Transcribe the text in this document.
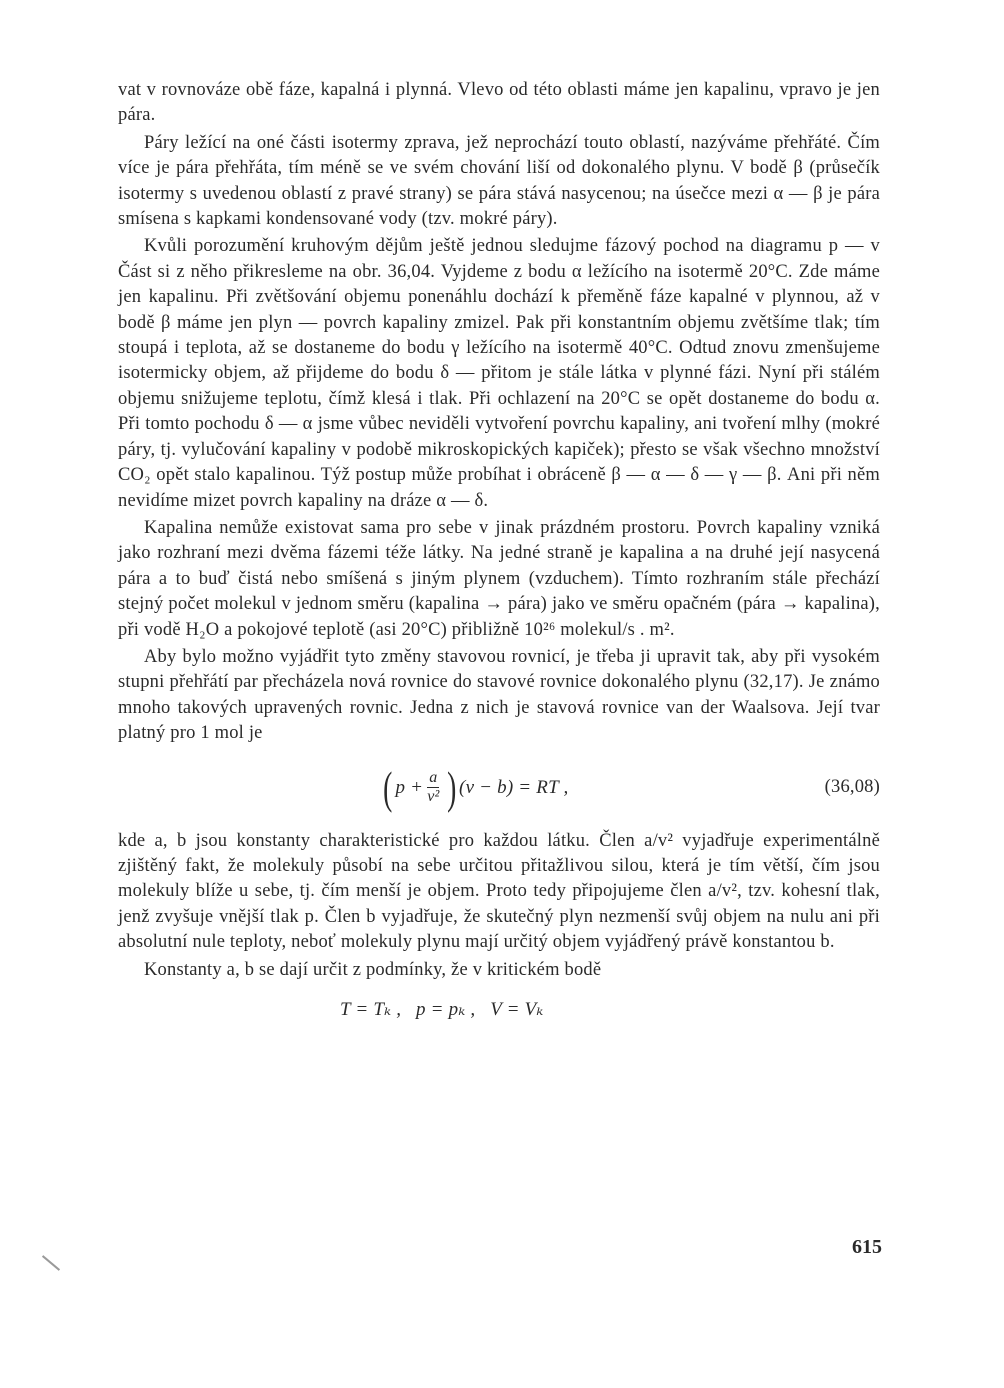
vat v rovnováze obě fáze, kapalná i plynná. Vlevo od této oblasti máme jen kapalinu, vpravo je jen pára.

Páry ležící na oné části isotermy zprava, jež neprochází touto oblastí, nazýváme přehřáté. Čím více je pára přehřáta, tím méně se ve svém chování liší od dokonalého plynu. V bodě β (průsečík isotermy s uvedenou oblastí z pravé strany) se pára stává nasycenou; na úsečce mezi α — β je pára smísena s kapkami kondensované vody (tzv. mokré páry).

Kvůli porozumění kruhovým dějům ještě jednou sledujme fázový pochod na diagramu p — v Část si z něho přikresleme na obr. 36,04. Vyjdeme z bodu α ležícího na isotermě 20°C. Zde máme jen kapalinu. Při zvětšování objemu ponenáhlu dochází k přeměně fáze kapalné v plynnou, až v bodě β máme jen plyn — povrch kapaliny zmizel. Pak při konstantním objemu zvětšíme tlak; tím stoupá i teplota, až se dostaneme do bodu γ ležícího na isotermě 40°C. Odtud znovu zmenšujeme isotermicky objem, až přijdeme do bodu δ — přitom je stále látka v plynné fázi. Nyní při stálém objemu snižujeme teplotu, čímž klesá i tlak. Při ochlazení na 20°C se opět dostaneme do bodu α. Při tomto pochodu δ — α jsme vůbec neviděli vytvoření povrchu kapaliny, ani tvoření mlhy (mokré páry, tj. vylučování kapaliny v podobě mikroskopických kapiček); přesto se však všechno množství CO₂ opět stalo kapalinou. Týž postup může probíhat i obráceně β — α — δ — γ — β. Ani při něm nevidíme mizet povrch kapaliny na dráze α — δ.

Kapalina nemůže existovat sama pro sebe v jinak prázdném prostoru. Povrch kapaliny vzniká jako rozhraní mezi dvěma fázemi téže látky. Na jedné straně je kapalina a na druhé její nasycená pára a to buď čistá nebo smíšená s jiným plynem (vzduchem). Tímto rozhraním stále přechází stejný počet molekul v jednom směru (kapalina → pára) jako ve směru opačném (pára → kapalina), při vodě H₂O a pokojové teplotě (asi 20°C) přibližně 10²⁶ molekul/s . m².

Aby bylo možno vyjádřit tyto změny stavovou rovnicí, je třeba ji upravit tak, aby při vysokém stupni přehřátí par přecházela nová rovnice do stavové rovnice dokonalého plynu (32,17). Je známo mnoho takových upravených rovnic. Jedna z nich je stavová rovnice van der Waalsova. Její tvar platný pro 1 mol je

( $p + \frac{a}{\text{v²}}$ ) (v − b) = RT ,	(36,08)

kde a, b jsou konstanty charakteristické pro každou látku. Člen a/v² vyjadřuje experimentálně zjištěný fakt, že molekuly působí na sebe určitou přitažlivou silou, která je tím větší, čím jsou molekuly blíže u sebe, tj. čím menší je objem. Proto tedy připojujeme člen a/v², tzv. kohesní tlak, jenž zvyšuje vnější tlak p. Člen b vyjadřuje, že skutečný plyn nezmenší svůj objem na nulu ani při absolutní nule teploty, neboť molekuly plynu mají určitý objem vyjádřený právě konstantou b.

Konstanty a, b se dají určit z podmínky, že v kritickém bodě

T = Tₖ ,   p = pₖ ,   V = Vₖ
615
